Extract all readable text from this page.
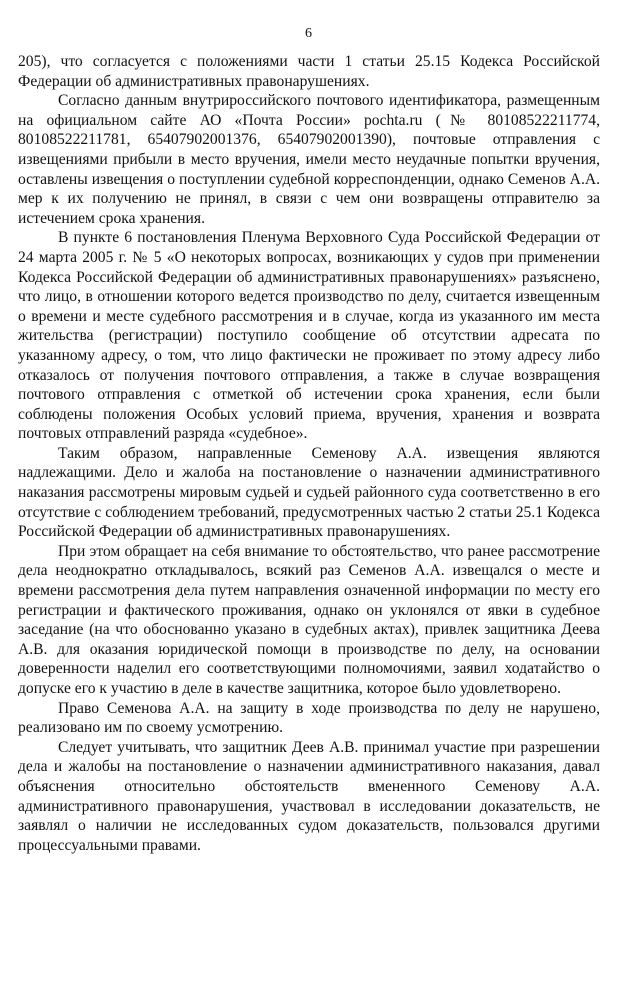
6

205), что согласуется с положениями части 1 статьи 25.15 Кодекса Российской Федерации об административных правонарушениях.

Согласно данным внутрироссийского почтового идентификатора, размещенным на официальном сайте АО «Почта России» pochta.ru (№ 80108522211774, 80108522211781, 65407902001376, 65407902001390), почтовые отправления с извещениями прибыли в место вручения, имели место неудачные попытки вручения, оставлены извещения о поступлении судебной корреспонденции, однако Семенов А.А. мер к их получению не принял, в связи с чем они возвращены отправителю за истечением срока хранения.

В пункте 6 постановления Пленума Верховного Суда Российской Федерации от 24 марта 2005 г. № 5 «О некоторых вопросах, возникающих у судов при применении Кодекса Российской Федерации об административных правонарушениях» разъяснено, что лицо, в отношении которого ведется производство по делу, считается извещенным о времени и месте судебного рассмотрения и в случае, когда из указанного им места жительства (регистрации) поступило сообщение об отсутствии адресата по указанному адресу, о том, что лицо фактически не проживает по этому адресу либо отказалось от получения почтового отправления, а также в случае возвращения почтового отправления с отметкой об истечении срока хранения, если были соблюдены положения Особых условий приема, вручения, хранения и возврата почтовых отправлений разряда «судебное».

Таким образом, направленные Семенову А.А. извещения являются надлежащими. Дело и жалоба на постановление о назначении административного наказания рассмотрены мировым судьей и судьей районного суда соответственно в его отсутствие с соблюдением требований, предусмотренных частью 2 статьи 25.1 Кодекса Российской Федерации об административных правонарушениях.

При этом обращает на себя внимание то обстоятельство, что ранее рассмотрение дела неоднократно откладывалось, всякий раз Семенов А.А. извещался о месте и времени рассмотрения дела путем направления означенной информации по месту его регистрации и фактического проживания, однако он уклонялся от явки в судебное заседание (на что обоснованно указано в судебных актах), привлек защитника Деева А.В. для оказания юридической помощи в производстве по делу, на основании доверенности наделил его соответствующими полномочиями, заявил ходатайство о допуске его к участию в деле в качестве защитника, которое было удовлетворено.

Право Семенова А.А. на защиту в ходе производства по делу не нарушено, реализовано им по своему усмотрению.

Следует учитывать, что защитник Деев А.В. принимал участие при разрешении дела и жалобы на постановление о назначении административного наказания, давал объяснения относительно обстоятельств вмененного Семенову А.А. административного правонарушения, участвовал в исследовании доказательств, не заявлял о наличии не исследованных судом доказательств, пользовался другими процессуальными правами.
